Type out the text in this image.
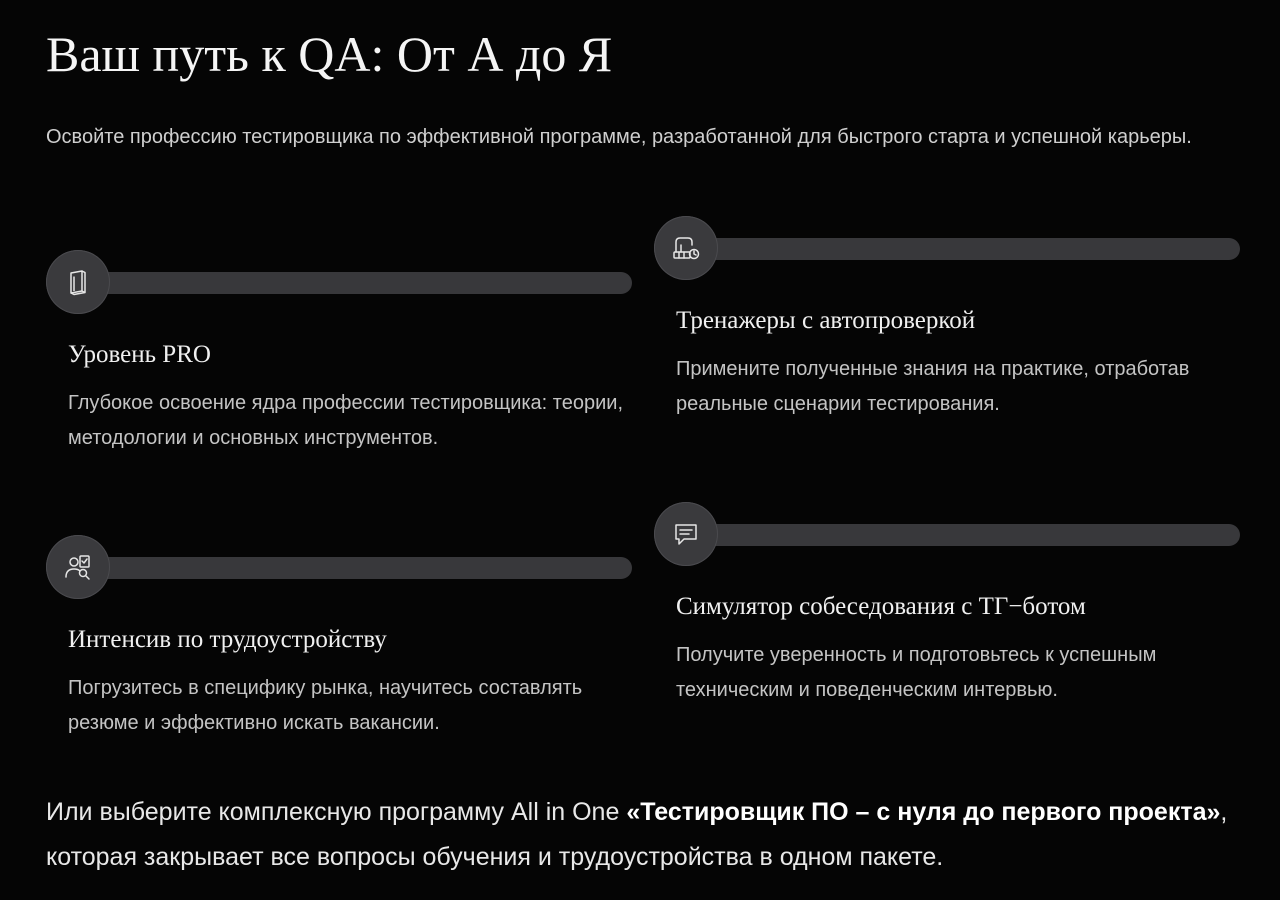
Ваш путь к QA: От А до Я

Освойте профессию тестировщика по эффективной программе, разработанной для быстрого старта и успешной карьеры.

Уровень PRO

Глубокое освоение ядра профессии тестировщика: теории, методологии и основных инструментов.

Тренажеры с автопроверкой

Примените полученные знания на практике, отработав реальные сценарии тестирования.

Интенсив по трудоустройству

Погрузитесь в специфику рынка, научитесь составлять резюме и эффективно искать вакансии.

Симулятор собеседования с ТГ−ботом

Получите уверенность и подготовьтесь к успешным техническим и поведенческим интервью.

Или выберите комплексную программу All in One «Тестировщик ПО – с нуля до первого проекта», которая закрывает все вопросы обучения и трудоустройства в одном пакете.
